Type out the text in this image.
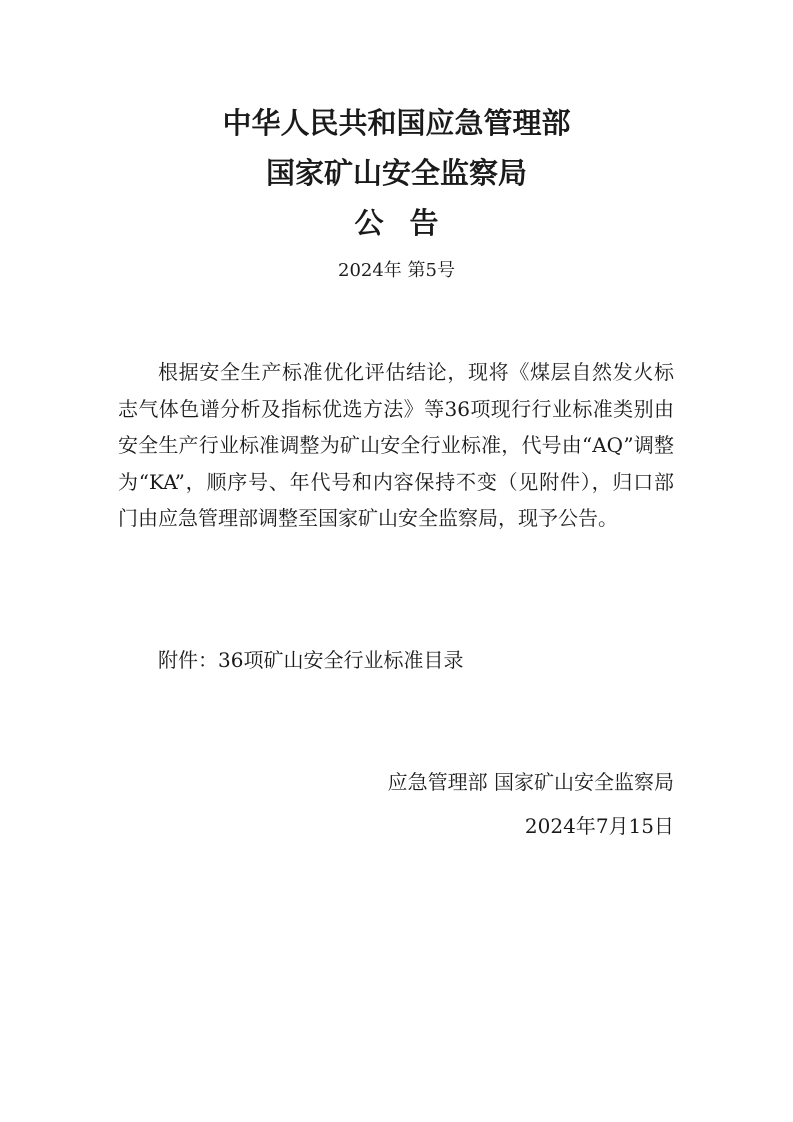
中华人民共和国应急管理部
国家矿山安全监察局
公告
2024年 第5号
根据安全生产标准优化评估结论，现将《煤层自然发火标志气体色谱分析及指标优选方法》等36项现行行业标准类别由安全生产行业标准调整为矿山安全行业标准，代号由“AQ”调整为“KA”，顺序号、年代号和内容保持不变（见附件），归口部门由应急管理部调整至国家矿山安全监察局，现予公告。
附件：36项矿山安全行业标准目录
应急管理部 国家矿山安全监察局
2024年7月15日
